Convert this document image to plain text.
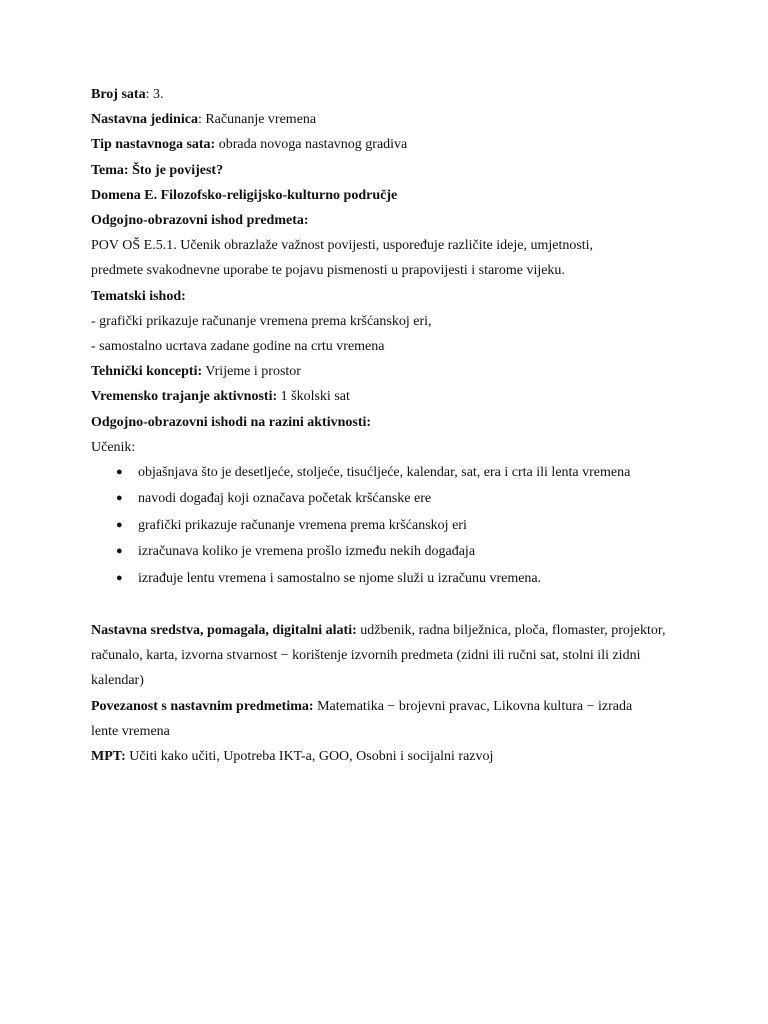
Broj sata: 3.
Nastavna jedinica: Računanje vremena
Tip nastavnoga sata: obrada novoga nastavnog gradiva
Tema: Što je povijest?
Domena E. Filozofsko-religijsko-kulturno područje
Odgojno-obrazovni ishod predmeta:
POV OŠ E.5.1. Učenik obrazlaže važnost povijesti, uspoređuje različite ideje, umjetnosti,
predmete svakodnevne uporabe te pojavu pismenosti u prapovijesti i starome vijeku.
Tematski ishod:
- grafički prikazuje računanje vremena prema kršćanskoj eri,
- samostalno ucrtava zadane godine na crtu vremena
Tehnički koncepti: Vrijeme i prostor
Vremensko trajanje aktivnosti: 1 školski sat
Odgojno-obrazovni ishodi na razini aktivnosti:
Učenik:
● objašnjava što je desetljeće, stoljeće, tisućljeće, kalendar, sat, era i crta ili lenta vremena
● navodi događaj koji označava početak kršćanske ere
● grafički prikazuje računanje vremena prema kršćanskoj eri
● izračunava koliko je vremena prošlo između nekih događaja
● izrađuje lentu vremena i samostalno se njome služi u izračunu vremena.
Nastavna sredstva, pomagala, digitalni alati: udžbenik, radna bilježnica, ploča, flomaster, projektor, računalo, karta, izvorna stvarnost − korištenje izvornih predmeta (zidni ili ručni sat, stolni ili zidni kalendar)
Povezanost s nastavnim predmetima: Matematika − brojevni pravac, Likovna kultura − izrada lente vremena
MPT: Učiti kako učiti, Upotreba IKT-a, GOO, Osobni i socijalni razvoj
